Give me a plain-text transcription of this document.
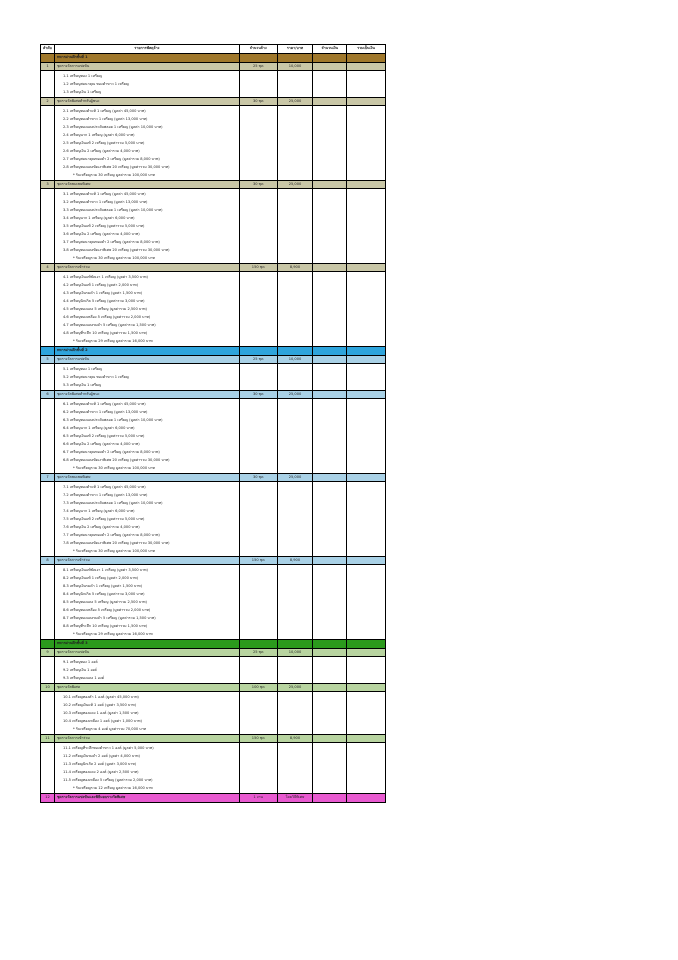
ลำดับ	รายการพัสดุจ้าง	จำนวนจ้าง	ราคา/บาท	จำนวนเงิน	รวมเป็นเงิน
ทหารผ่านศึกชั้นที่ 1
1	ชุดรางวัลการแข่งขัน	25 ชุด	10,000
1.1 เหรียญทอง 1 เหรียญ
1.2 เหรียญสมนาคุณ ทองคำขาว 1 เหรียญ
1.3 เหรียญเงิน 1 เหรียญ
2	ชุดรางวัลพิเศษสำหรับผู้ชนะ	30 ชุด	25,000
2.1 เหรียญทองคำแท้ 1 เหรียญ (มูลค่า 45,000 บาท)
2.2 เหรียญทองคำขาว 1 เหรียญ (มูลค่า 13,000 บาท)
2.3 เหรียญทองแดงประดับพลอย 1 เหรียญ (มูลค่า 10,000 บาท)
2.4 เหรียญนาก 1 เหรียญ (มูลค่า 6,000 บาท)
2.5 เหรียญเงินแท้ 2 เหรียญ (มูลค่ารวม 5,000 บาท)
2.6 เหรียญเงิน 2 เหรียญ (มูลค่ารวม 4,000 บาท)
2.7 เหรียญสมนาคุณทองคำ 2 เหรียญ (มูลค่ารวม 8,000 บาท)
2.8 เหรียญทองแดงขัดเงาพิเศษ 20 เหรียญ (มูลค่ารวม 30,000 บาท)
* รับเหรียญรวม 30 เหรียญ มูลค่ารวม 100,000 บาท
3	ชุดรางวัลชมเชยพิเศษ	30 ชุด	25,000
3.1 เหรียญทองคำแท้ 1 เหรียญ (มูลค่า 45,000 บาท)
3.2 เหรียญทองคำขาว 1 เหรียญ (มูลค่า 13,000 บาท)
3.3 เหรียญทองแดงประดับพลอย 1 เหรียญ (มูลค่า 10,000 บาท)
3.4 เหรียญนาก 1 เหรียญ (มูลค่า 6,000 บาท)
3.5 เหรียญเงินแท้ 2 เหรียญ (มูลค่ารวม 5,000 บาท)
3.6 เหรียญเงิน 2 เหรียญ (มูลค่ารวม 4,000 บาท)
3.7 เหรียญสมนาคุณทองคำ 2 เหรียญ (มูลค่ารวม 8,000 บาท)
3.8 เหรียญทองแดงขัดเงาพิเศษ 20 เหรียญ (มูลค่ารวม 30,000 บาท)
* รับเหรียญรวม 30 เหรียญ มูลค่ารวม 100,000 บาท
4	ชุดรางวัลการเข้าร่วม	150 ชุด	8,900
4.1 เหรียญเงินแท้ขัดเงา 1 เหรียญ (มูลค่า 3,500 บาท)
4.2 เหรียญเงินแท้ 1 เหรียญ (มูลค่า 2,000 บาท)
4.3 เหรียญเงินรมดำ 1 เหรียญ (มูลค่า 1,500 บาท)
4.4 เหรียญนิกเกิล 5 เหรียญ (มูลค่ารวม 3,000 บาท)
4.5 เหรียญทองแดง 5 เหรียญ (มูลค่ารวม 2,500 บาท)
4.6 เหรียญทองเหลือง 5 เหรียญ (มูลค่ารวม 2,000 บาท)
4.7 เหรียญทองแดงรมดำ 5 เหรียญ (มูลค่ารวม 1,500 บาท)
4.8 เหรียญที่ระลึก 10 เหรียญ (มูลค่ารวม 1,500 บาท)
* รับเหรียญรวม 29 เหรียญ มูลค่ารวม 16,000 บาท
ทหารผ่านศึกชั้นที่ 2
5	ชุดรางวัลการแข่งขัน	25 ชุด	10,000
5.1 เหรียญทอง 1 เหรียญ
5.2 เหรียญสมนาคุณ ทองคำขาว 1 เหรียญ
5.3 เหรียญเงิน 1 เหรียญ
6	ชุดรางวัลพิเศษสำหรับผู้ชนะ	30 ชุด	25,000
6.1 เหรียญทองคำแท้ 1 เหรียญ (มูลค่า 45,000 บาท)
6.2 เหรียญทองคำขาว 1 เหรียญ (มูลค่า 13,000 บาท)
6.3 เหรียญทองแดงประดับพลอย 1 เหรียญ (มูลค่า 10,000 บาท)
6.4 เหรียญนาก 1 เหรียญ (มูลค่า 6,000 บาท)
6.5 เหรียญเงินแท้ 2 เหรียญ (มูลค่ารวม 5,000 บาท)
6.6 เหรียญเงิน 2 เหรียญ (มูลค่ารวม 4,000 บาท)
6.7 เหรียญสมนาคุณทองคำ 2 เหรียญ (มูลค่ารวม 8,000 บาท)
6.8 เหรียญทองแดงขัดเงาพิเศษ 20 เหรียญ (มูลค่ารวม 30,000 บาท)
* รับเหรียญรวม 30 เหรียญ มูลค่ารวม 100,000 บาท
7	ชุดรางวัลชมเชยพิเศษ	30 ชุด	25,000
7.1 เหรียญทองคำแท้ 1 เหรียญ (มูลค่า 45,000 บาท)
7.2 เหรียญทองคำขาว 1 เหรียญ (มูลค่า 13,000 บาท)
7.3 เหรียญทองแดงประดับพลอย 1 เหรียญ (มูลค่า 10,000 บาท)
7.4 เหรียญนาก 1 เหรียญ (มูลค่า 6,000 บาท)
7.5 เหรียญเงินแท้ 2 เหรียญ (มูลค่ารวม 5,000 บาท)
7.6 เหรียญเงิน 2 เหรียญ (มูลค่ารวม 4,000 บาท)
7.7 เหรียญสมนาคุณทองคำ 2 เหรียญ (มูลค่ารวม 8,000 บาท)
7.8 เหรียญทองแดงขัดเงาพิเศษ 20 เหรียญ (มูลค่ารวม 30,000 บาท)
* รับเหรียญรวม 30 เหรียญ มูลค่ารวม 100,000 บาท
8	ชุดรางวัลการเข้าร่วม	150 ชุด	8,900
8.1 เหรียญเงินแท้ขัดเงา 1 เหรียญ (มูลค่า 3,500 บาท)
8.2 เหรียญเงินแท้ 1 เหรียญ (มูลค่า 2,000 บาท)
8.3 เหรียญเงินรมดำ 1 เหรียญ (มูลค่า 1,500 บาท)
8.4 เหรียญนิกเกิล 5 เหรียญ (มูลค่ารวม 3,000 บาท)
8.5 เหรียญทองแดง 5 เหรียญ (มูลค่ารวม 2,500 บาท)
8.6 เหรียญทองเหลือง 5 เหรียญ (มูลค่ารวม 2,000 บาท)
8.7 เหรียญทองแดงรมดำ 5 เหรียญ (มูลค่ารวม 1,500 บาท)
8.8 เหรียญที่ระลึก 10 เหรียญ (มูลค่ารวม 1,500 บาท)
* รับเหรียญรวม 29 เหรียญ มูลค่ารวม 16,000 บาท
ทหารผ่านศึกชั้นที่ 3
9	ชุดรางวัลการแข่งขัน	25 ชุด	10,000
9.1 เหรียญทอง 1 องค์
9.2 เหรียญเงิน 1 องค์
9.3 เหรียญทองแดง 1 องค์
10	ชุดรางวัลพิเศษ	100 ชุด	25,000
10.1 เหรียญทองคำ 1 องค์ (มูลค่า 45,000 บาท)
10.2 เหรียญเงินแท้ 1 องค์ (มูลค่า 3,500 บาท)
10.3 เหรียญทองแดง 1 องค์ (มูลค่า 1,500 บาท)
10.4 เหรียญทองเหลือง 1 องค์ (มูลค่า 1,000 บาท)
* รับเหรียญรวม 4 องค์ มูลค่ารวม 70,000 บาท
11	ชุดรางวัลการเข้าร่วม	150 ชุด	8,900
11.1 เหรียญที่ระลึกทองคำขาว 1 องค์ (มูลค่า 5,000 บาท)
11.2 เหรียญเงินรมดำ 2 องค์ (มูลค่า 4,000 บาท)
11.3 เหรียญนิกเกิล 2 องค์ (มูลค่า 3,000 บาท)
11.4 เหรียญทองแดง 2 องค์ (มูลค่า 2,500 บาท)
11.5 เหรียญทองเหลือง 5 เหรียญ (มูลค่ารวม 2,000 บาท)
* รับเหรียญรวม 12 เหรียญ มูลค่ารวม 16,000 บาท
12	ชุดรางวัลการแข่งขันและพิธีมอบรางวัลพิเศษ	1 งาน	โดยวิธีพิเศษ
